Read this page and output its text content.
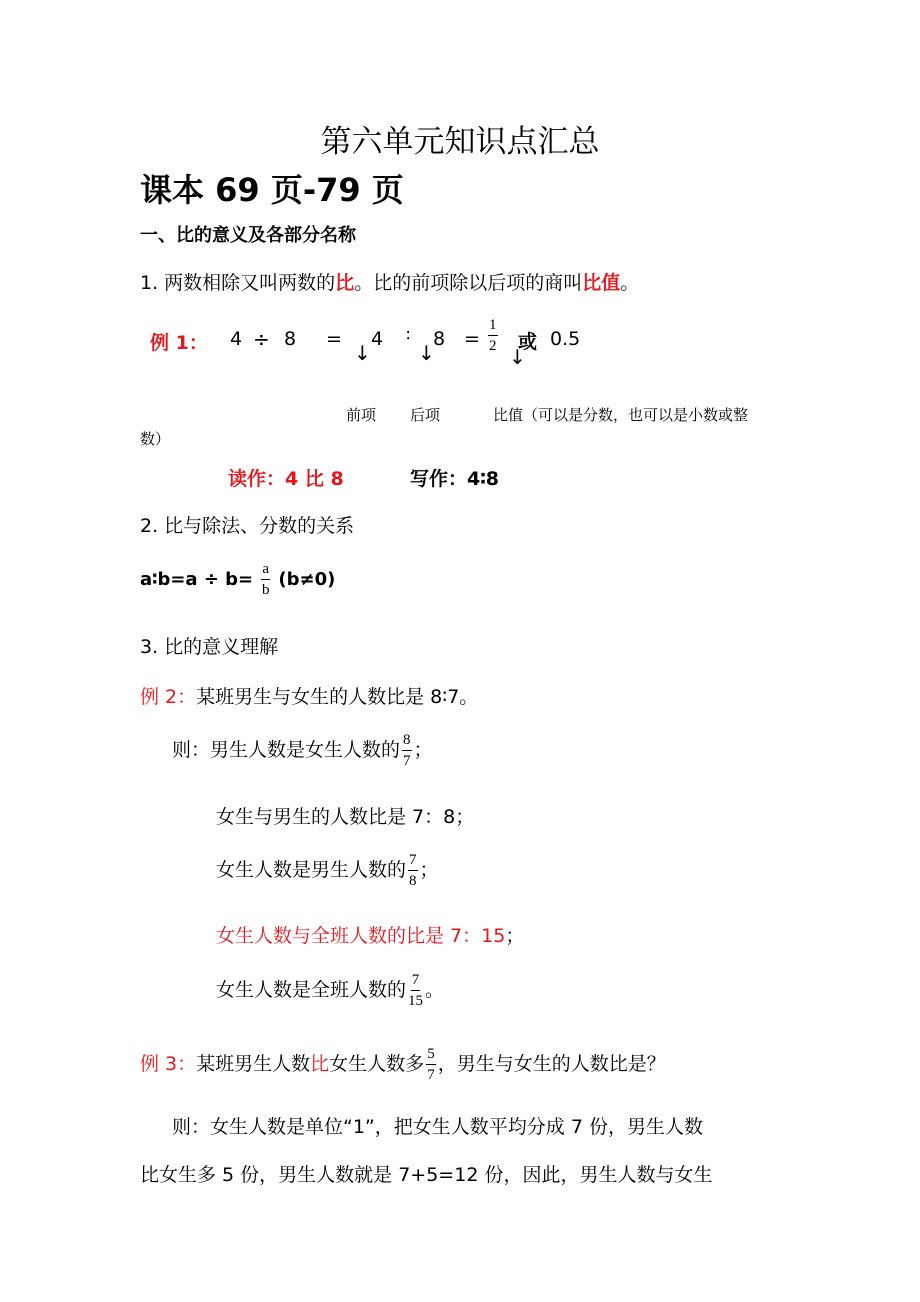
第六单元知识点汇总
课本 69 页-79 页
一、比的意义及各部分名称
1. 两数相除又叫两数的比。比的前项除以后项的商叫比值。
例 1： 4 ÷ 8 = 4 ∶ $8 = \frac{1}{2}$ 或 0.5
↓ ↓	↓
前项 后项	比值（可以是分数，也可以是小数或整
数）
读作：4 比 8	写作：4∶8
2. 比与除法、分数的关系
a∶b=a ÷ $b= \frac{a}{b} (b\ne 0)$
3. 比的意义理解
例 2：某班男生与女生的人数比是 8∶7。
则：男生人数是女生人数的 $\frac{8}{7}$ ；
女生与男生的人数比是 7：8；
女生人数是男生人数的 $\frac{7}{8}$ ；
女生人数与全班人数的比是 7：15；
女生人数是全班人数的 $\frac{7}{15}$ 。
例 3：某班男生人数比女生人数多 $\frac{5}{7}$ ，男生与女生的人数比是？
则：女生人数是单位“1”，把女生人数平均分成 7 份，男生人数
比女生多 5 份，男生人数就是 7+5=12 份，因此，男生人数与女生
